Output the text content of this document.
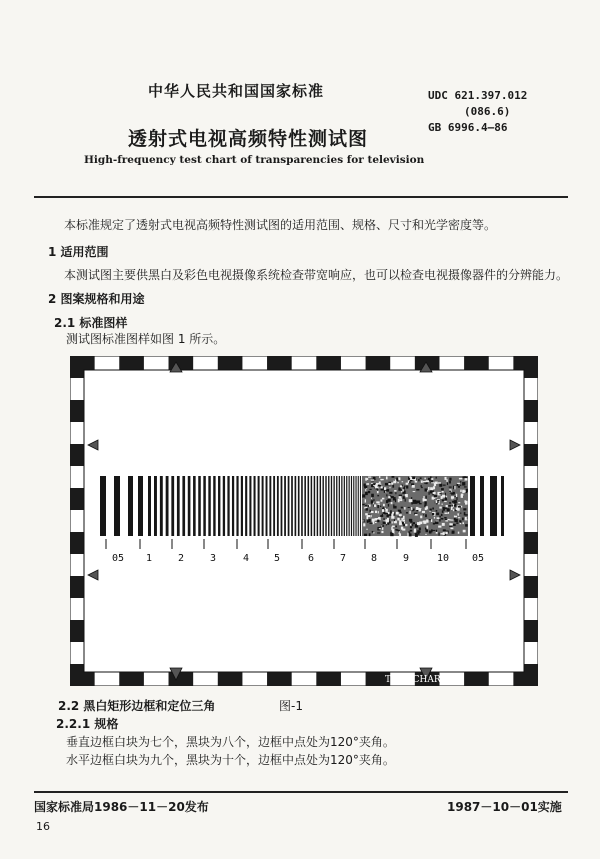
中华人民共和国国家标准	UDC 621.397.012
(086.6)
GB 6996.4—86
透射式电视高频特性测试图
High-frequency test chart of transparencies for television
本标准规定了透射式电视高频特性测试图的适用范围、规格、尺寸和光学密度等。
1 适用范围
本测试图主要供黑白及彩色电视摄像系统检查带宽响应，也可以检查电视摄像器件的分辨能力。
2 图案规格和用途
2.1 标准图样
测试图标准图样如图 1 所示。
05 1	2	3	4 5	6	7 8	9	10 05
TEST CHART
图-1
2.2 黑白矩形边框和定位三角
2.2.1 规格
垂直边框白块为七个，黑块为八个，边框中点处为120°夹角。
水平边框白块为九个，黑块为十个，边框中点处为120°夹角。
国家标准局1986－11－20发布	1987－10－01实施
16
